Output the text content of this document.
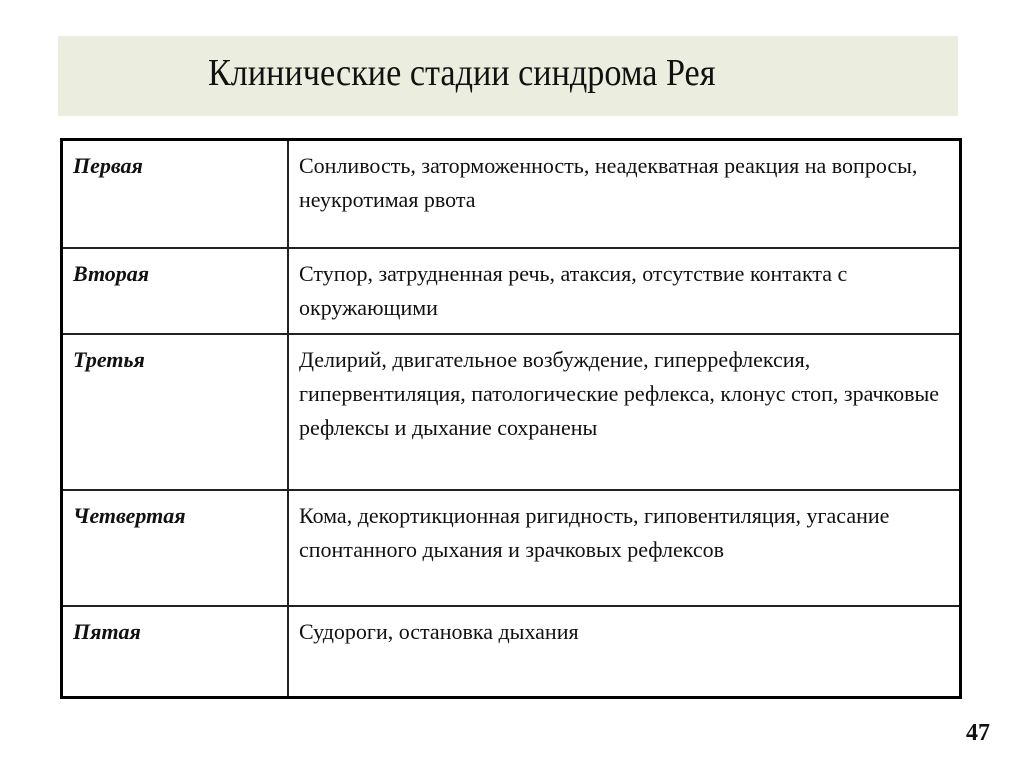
Клинические стадии синдрома Рея
Первая	Сонливость, заторможенность, неадекватная реакция на вопросы, неукротимая рвота
Вторая	Ступор, затрудненная речь, атаксия, отсутствие контакта с окружающими
Третья	Делирий, двигательное возбуждение, гиперрефлексия, гипервентиляция, патологические рефлекса, клонус стоп, зрачковые рефлексы и дыхание сохранены
Четвертая	Кома, декортикционная ригидность, гиповентиляция, угасание спонтанного дыхания и зрачковых рефлексов
Пятая	Судороги, остановка дыхания
47
